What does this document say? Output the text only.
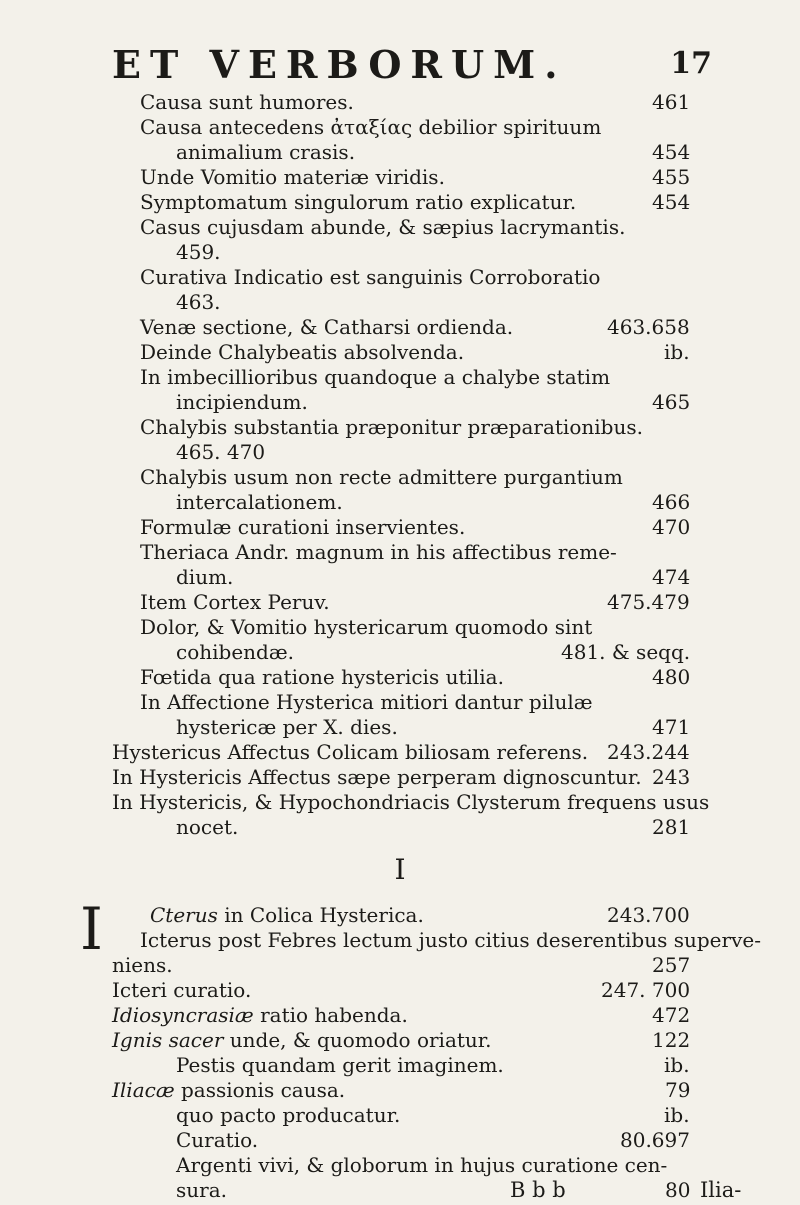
ET VERBORUM.	17
Causa sunt humores.	461
Causa antecedens ἀταξίας debilior spirituum
animalium crasis.	454
Unde Vomitio materiæ viridis.	455
Symptomatum singulorum ratio explicatur.	454
Casus cujusdam abunde, & sæpius lacrymantis.
459.
Curativa Indicatio est sanguinis Corroboratio
463.
Venæ sectione, & Catharsi ordienda.	463.658
Deinde Chalybeatis absolvenda.	ib.
In imbecillioribus quandoque a chalybe statim
incipiendum.	465
Chalybis substantia præponitur præparationibus.
465. 470
Chalybis usum non recte admittere purgantium
intercalationem.	466
Formulæ curationi inservientes.	470
Theriaca Andr. magnum in his affectibus reme-
dium.	474
Item Cortex Peruv.	475.479
Dolor, & Vomitio hystericarum quomodo sint
cohibendæ.	481. & seqq.
Fœtida qua ratione hystericis utilia.	480
In Affectione Hysterica mitiori dantur pilulæ
hystericæ per X. dies.	471
Hystericus Affectus Colicam biliosam referens. 243.244
In Hystericis Affectus sæpe perperam dignoscuntur. 243
In Hystericis, & Hypochondriacis Clysterum frequens usus
nocet.	281
I
Cterus in Colica Hysterica.	243.700
Icterus post Febres lectum justo citius deserentibus superve-
niens.	257
Icteri curatio.	247. 700
Idiosyncrasiæ ratio habenda.	472
Ignis sacer unde, & quomodo oriatur.	122
Pestis quandam gerit imaginem.	ib.
Iliacæ passionis causa.	79
quo pacto producatur.	ib.
Curatio.	80.697
Argenti vivi, & globorum in hujus curatione cen-
sura.	80
B b b	Ilia-
I
